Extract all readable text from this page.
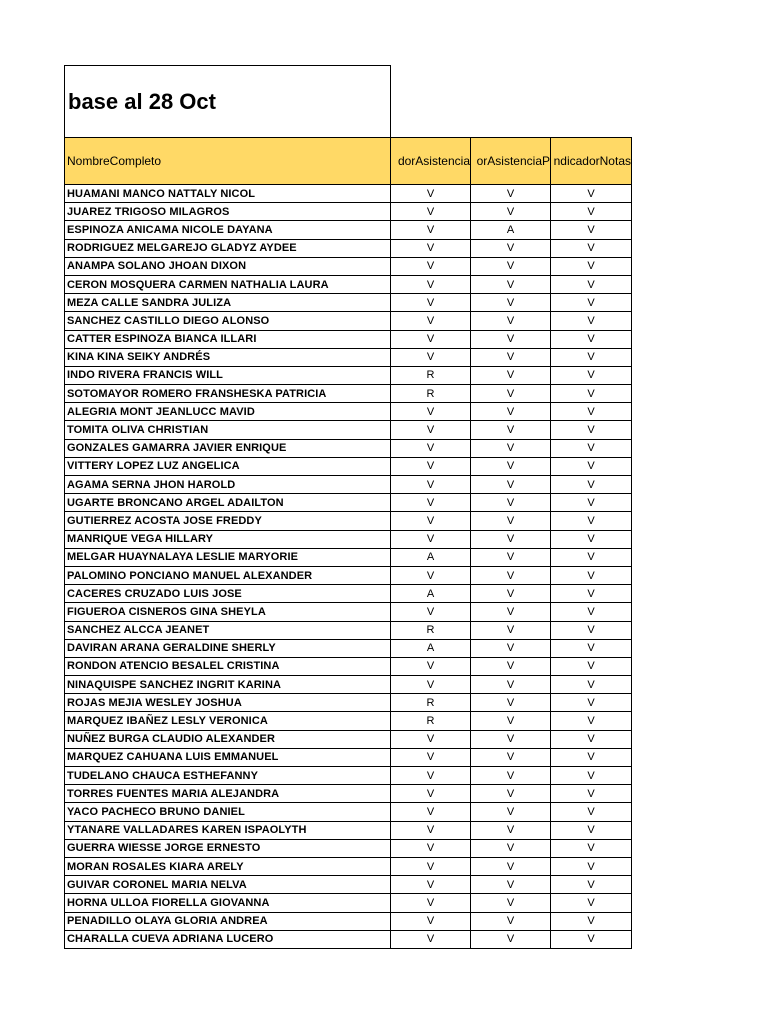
base al 28 Oct			
NombreCompleto	dorAsistencia	orAsistenciaP	ndicadorNotas
HUAMANI MANCO NATTALY NICOL	V	V	V
JUAREZ TRIGOSO MILAGROS	V	V	V
ESPINOZA ANICAMA NICOLE DAYANA	V	A	V
RODRIGUEZ MELGAREJO GLADYZ AYDEE	V	V	V
ANAMPA SOLANO JHOAN DIXON	V	V	V
CERON MOSQUERA CARMEN NATHALIA LAURA	V	V	V
MEZA CALLE SANDRA JULIZA	V	V	V
SANCHEZ CASTILLO DIEGO ALONSO	V	V	V
CATTER ESPINOZA BIANCA ILLARI	V	V	V
KINA KINA SEIKY ANDRÉS	V	V	V
INDO RIVERA FRANCIS WILL	R	V	V
SOTOMAYOR ROMERO FRANSHESKA PATRICIA	R	V	V
ALEGRIA MONT JEANLUCC MAVID	V	V	V
TOMITA OLIVA CHRISTIAN	V	V	V
GONZALES GAMARRA JAVIER ENRIQUE	V	V	V
VITTERY LOPEZ LUZ ANGELICA	V	V	V
AGAMA SERNA JHON HAROLD	V	V	V
UGARTE BRONCANO ARGEL ADAILTON	V	V	V
GUTIERREZ ACOSTA JOSE FREDDY	V	V	V
MANRIQUE VEGA HILLARY	V	V	V
MELGAR HUAYNALAYA LESLIE MARYORIE	A	V	V
PALOMINO PONCIANO MANUEL ALEXANDER	V	V	V
CACERES CRUZADO LUIS JOSE	A	V	V
FIGUEROA CISNEROS GINA SHEYLA	V	V	V
SANCHEZ ALCCA JEANET	R	V	V
DAVIRAN ARANA GERALDINE SHERLY	A	V	V
RONDON ATENCIO BESALEL CRISTINA	V	V	V
NINAQUISPE SANCHEZ INGRIT KARINA	V	V	V
ROJAS MEJIA WESLEY JOSHUA	R	V	V
MARQUEZ IBAÑEZ LESLY VERONICA	R	V	V
NUÑEZ BURGA CLAUDIO ALEXANDER	V	V	V
MARQUEZ CAHUANA LUIS EMMANUEL	V	V	V
TUDELANO CHAUCA ESTHEFANNY	V	V	V
TORRES FUENTES MARIA ALEJANDRA	V	V	V
YACO PACHECO BRUNO DANIEL	V	V	V
YTANARE VALLADARES KAREN ISPAOLYTH	V	V	V
GUERRA WIESSE JORGE ERNESTO	V	V	V
MORAN ROSALES KIARA ARELY	V	V	V
GUIVAR CORONEL MARIA NELVA	V	V	V
HORNA ULLOA FIORELLA GIOVANNA	V	V	V
PENADILLO OLAYA GLORIA ANDREA	V	V	V
CHARALLA CUEVA ADRIANA LUCERO	V	V	V
